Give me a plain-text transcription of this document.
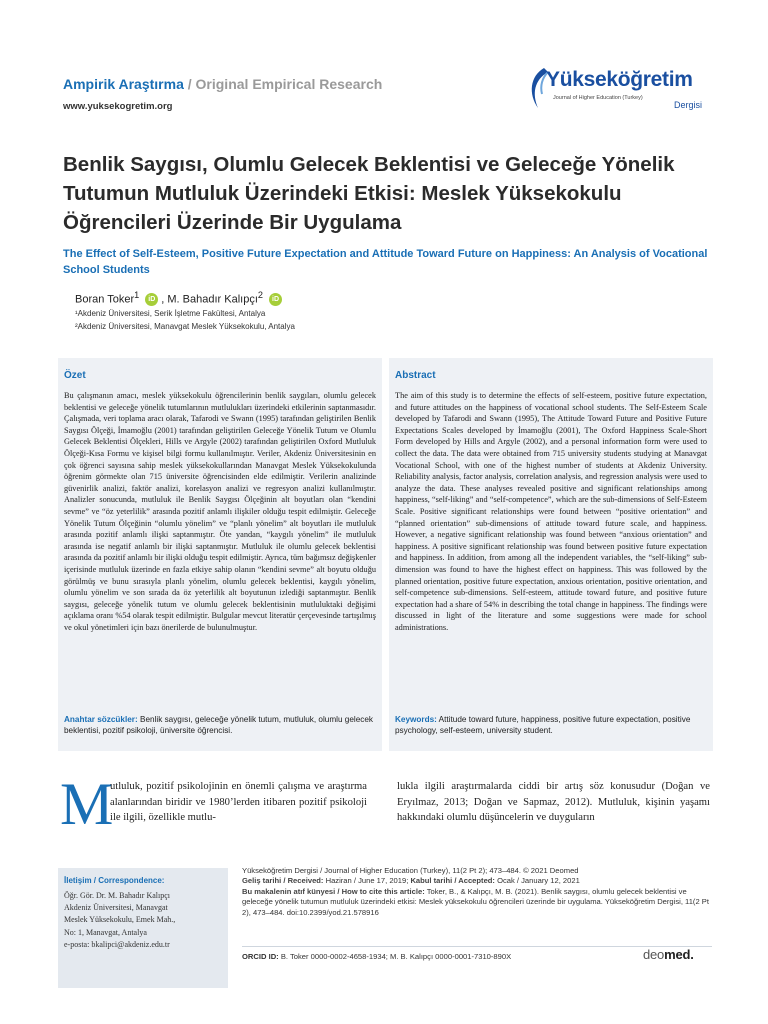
Ampirik Araştırma / Original Empirical Research
www.yuksekogretim.org
Yükseköğretim
Journal of Higher Education (Turkey)
Dergisi
Benlik Saygısı, Olumlu Gelecek Beklentisi ve Geleceğe Yönelik Tutumun Mutluluk Üzerindeki Etkisi: Meslek Yüksekokulu Öğrencileri Üzerinde Bir Uygulama
The Effect of Self-Esteem, Positive Future Expectation and Attitude Toward Future on Happiness: An Analysis of Vocational School Students
Boran Toker$^1$ iD , M. Bahadır Kalıpçı$^2$ iD
¹Akdeniz Üniversitesi, Serik İşletme Fakültesi, Antalya
²Akdeniz Üniversitesi, Manavgat Meslek Yüksekokulu, Antalya
Özet
Bu çalışmanın amacı, meslek yüksekokulu öğrencilerinin benlik saygıları, olumlu gelecek beklentisi ve geleceğe yönelik tutumlarının mutlulukları üzerindeki etkilerinin saptanmasıdır. Çalışmada, veri toplama aracı olarak, Tafarodi ve Swann (1995) tarafından geliştirilen Benlik Saygısı Ölçeği, İmamoğlu (2001) tarafından geliştirilen Geleceğe Yönelik Tutum ve Olumlu Gelecek Beklentisi Ölçekleri, Hills ve Argyle (2002) tarafından geliştirilen Oxford Mutluluk Ölçeği-Kısa Formu ve kişisel bilgi formu kullanılmıştır. Veriler, Akdeniz Üniversitesinin en çok öğrenci sayısına sahip meslek yüksekokullarından Manavgat Meslek Yüksekokulunda öğrenim görmekte olan 715 üniversite öğrencisinden elde edilmiştir. Verilerin analizinde güvenirlik analizi, faktör analizi, korelasyon analizi ve regresyon analizi kullanılmıştır. Analizler sonucunda, mutluluk ile Benlik Saygısı Ölçeğinin alt boyutları olan “kendini sevme” ve “öz yeterlilik” arasında pozitif anlamlı ilişkiler olduğu tespit edilmiştir. Geleceğe Yönelik Tutum Ölçeğinin “olumlu yönelim” ve “planlı yönelim” alt boyutları ile mutluluk arasında pozitif anlamlı ilişki saptanmıştır. Öte yandan, “kaygılı yönelim” ile mutluluk arasında ise negatif anlamlı bir ilişki saptanmıştır. Mutluluk ile olumlu gelecek beklentisi arasında da pozitif anlamlı bir ilişki olduğu tespit edilmiştir. Ayrıca, tüm bağımsız değişkenler içerisinde mutluluk üzerinde en fazla etkiye sahip olanın “kendini sevme” alt boyutu olduğu görülmüş ve bunu sırasıyla planlı yönelim, olumlu gelecek beklentisi, kaygılı yönelim, olumlu yönelim ve son sırada da öz yeterlilik alt boyutunun izlediği saptanmıştır. Benlik saygısı, geleceğe yönelik tutum ve olumlu gelecek beklentisinin mutluluktaki değişimi açıklama oranı %54 olarak tespit edilmiştir. Bulgular mevcut literatür çerçevesinde tartışılmış ve okul yönetimleri için bazı önerilerde de bulunulmuştur.
Anahtar sözcükler: Benlik saygısı, geleceğe yönelik tutum, mutluluk, olumlu gelecek beklentisi, pozitif psikoloji, üniversite öğrencisi.
Abstract
The aim of this study is to determine the effects of self-esteem, positive future expectation, and future attitudes on the happiness of vocational school students. The Self-Esteem Scale developed by Tafarodi and Swann (1995), The Attitude Toward Future and Positive Future Expectations Scales developed by İmamoğlu (2001), The Oxford Happiness Scale-Short Form developed by Hills and Argyle (2002), and a personal information form were used to collect the data. The data were obtained from 715 university students studying at Manavgat Vocational School, with one of the highest number of students at Akdeniz University. Reliability analysis, factor analysis, correlation analysis, and regression analysis were used to analyze the data. These analyses revealed positive and significant relationships among happiness, “self-liking” and “self-competence”, which are the sub-dimensions of Self-Esteem Scale. Positive significant relationships were found between “positive orientation” and “planned orientation” sub-dimensions of attitude toward future scale, and happiness. However, a negative significant relationship was found between “anxious orientation” and happiness. A positive significant relationship was found between positive future expectation and happiness. In addition, from among all the independent variables, the “self-liking” sub-dimension was found to have the highest effect on happiness. This was followed by the planned orientation, positive future expectation, anxious orientation, positive orientation, and self-competence sub-dimensions. Self-esteem, attitude toward future, and positive future expectation had a share of 54% in describing the total change in happiness. The findings were discussed in light of the literature and some suggestions were made for school administrations.
Keywords: Attitude toward future, happiness, positive future expectation, positive psychology, self-esteem, university student.
M
utluluk, pozitif psikolojinin en önemli çalışma ve araştırma alanlarından biridir ve 1980’lerden itibaren pozitif psikoloji ile ilgili, özellikle mutlu-
lukla ilgili araştırmalarda ciddi bir artış söz konusudur (Doğan ve Eryılmaz, 2013; Doğan ve Sapmaz, 2012). Mutluluk, kişinin yaşamı hakkındaki olumlu düşüncelerin ve duyguların
İletişim / Correspondence:
Öğr. Gör. Dr. M. Bahadır Kalıpçı
Akdeniz Üniversitesi, Manavgat
Meslek Yüksekokulu, Emek Mah.,
No: 1, Manavgat, Antalya
e-posta: bkalipci@akdeniz.edu.tr
Yükseköğretim Dergisi / Journal of Higher Education (Turkey), 11(2 Pt 2); 473–484. © 2021 Deomed
Geliş tarihi / Received: Haziran / June 17, 2019; Kabul tarihi / Accepted: Ocak / January 12, 2021
Bu makalenin atıf künyesi / How to cite this article: Toker, B., & Kalıpçı, M. B. (2021). Benlik saygısı, olumlu gelecek beklentisi ve geleceğe yönelik tutumun mutluluk üzerindeki etkisi: Meslek yüksekokulu öğrencileri üzerinde bir uygulama. Yükseköğretim Dergisi, 11(2 Pt 2), 473–484. doi:10.2399/yod.21.578916
ORCID ID: B. Toker 0000-0002-4658-1934; M. B. Kalıpçı 0000-0001-7310-890X	deomed.
